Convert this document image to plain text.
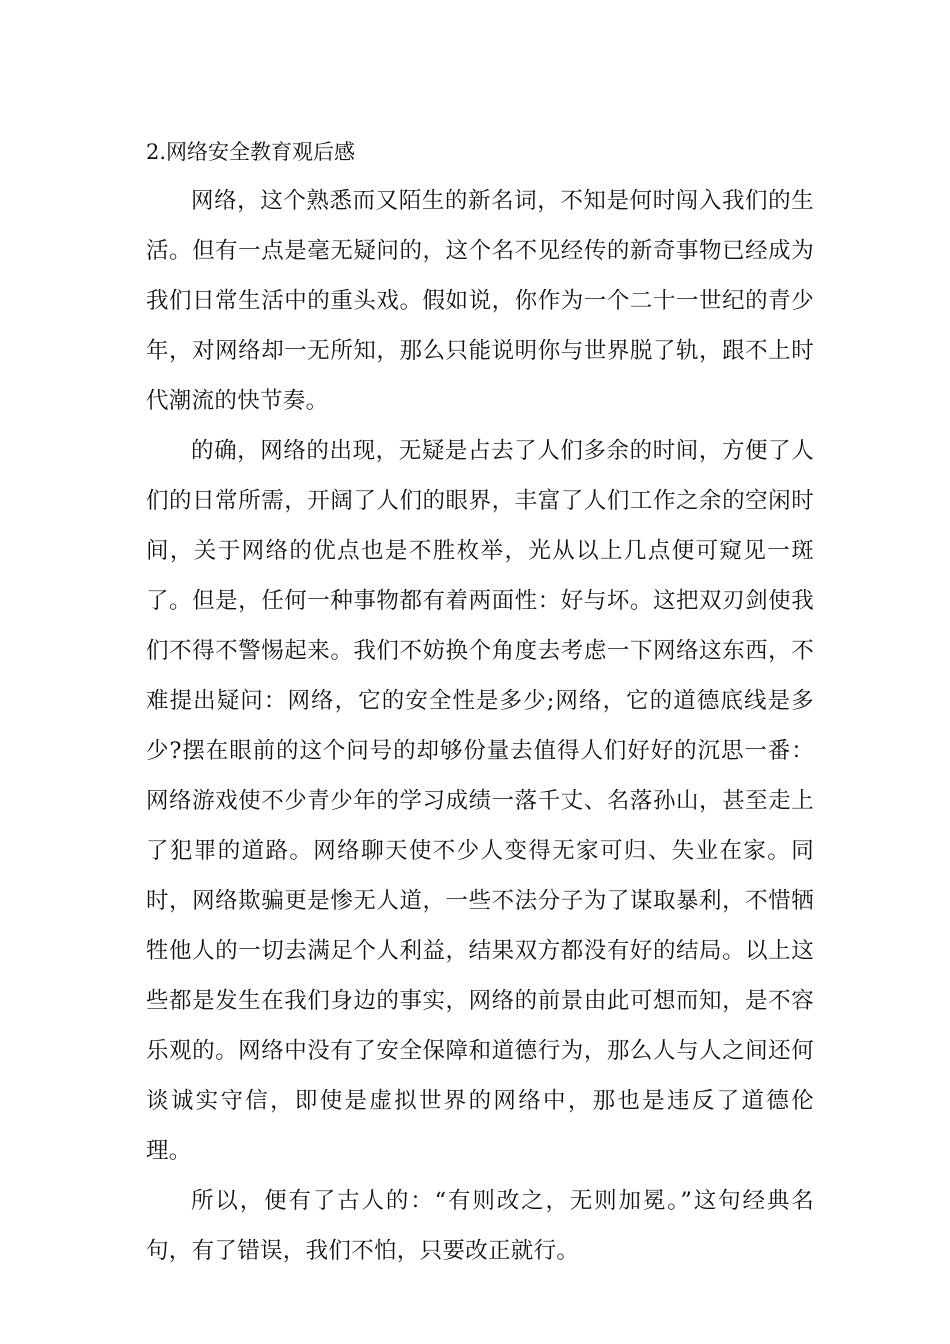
2.网络安全教育观后感

网络，这个熟悉而又陌生的新名词，不知是何时闯入我们的生活。但有一点是毫无疑问的，这个名不见经传的新奇事物已经成为我们日常生活中的重头戏。假如说，你作为一个二十一世纪的青少年，对网络却一无所知，那么只能说明你与世界脱了轨，跟不上时代潮流的快节奏。

的确，网络的出现，无疑是占去了人们多余的时间，方便了人们的日常所需，开阔了人们的眼界，丰富了人们工作之余的空闲时间，关于网络的优点也是不胜枚举，光从以上几点便可窥见一斑了。但是，任何一种事物都有着两面性：好与坏。这把双刃剑使我们不得不警惕起来。我们不妨换个角度去考虑一下网络这东西，不难提出疑问：网络，它的安全性是多少;网络，它的道德底线是多少?摆在眼前的这个问号的却够份量去值得人们好好的沉思一番：网络游戏使不少青少年的学习成绩一落千丈、名落孙山，甚至走上了犯罪的道路。网络聊天使不少人变得无家可归、失业在家。同时，网络欺骗更是惨无人道，一些不法分子为了谋取暴利，不惜牺牲他人的一切去满足个人利益，结果双方都没有好的结局。以上这些都是发生在我们身边的事实，网络的前景由此可想而知，是不容乐观的。网络中没有了安全保障和道德行为，那么人与人之间还何谈诚实守信，即使是虚拟世界的网络中，那也是违反了道德伦 理。

所以，便有了古人的：“有则改之，无则加冕。”这句经典名句，有了错误，我们不怕，只要改正就行。
